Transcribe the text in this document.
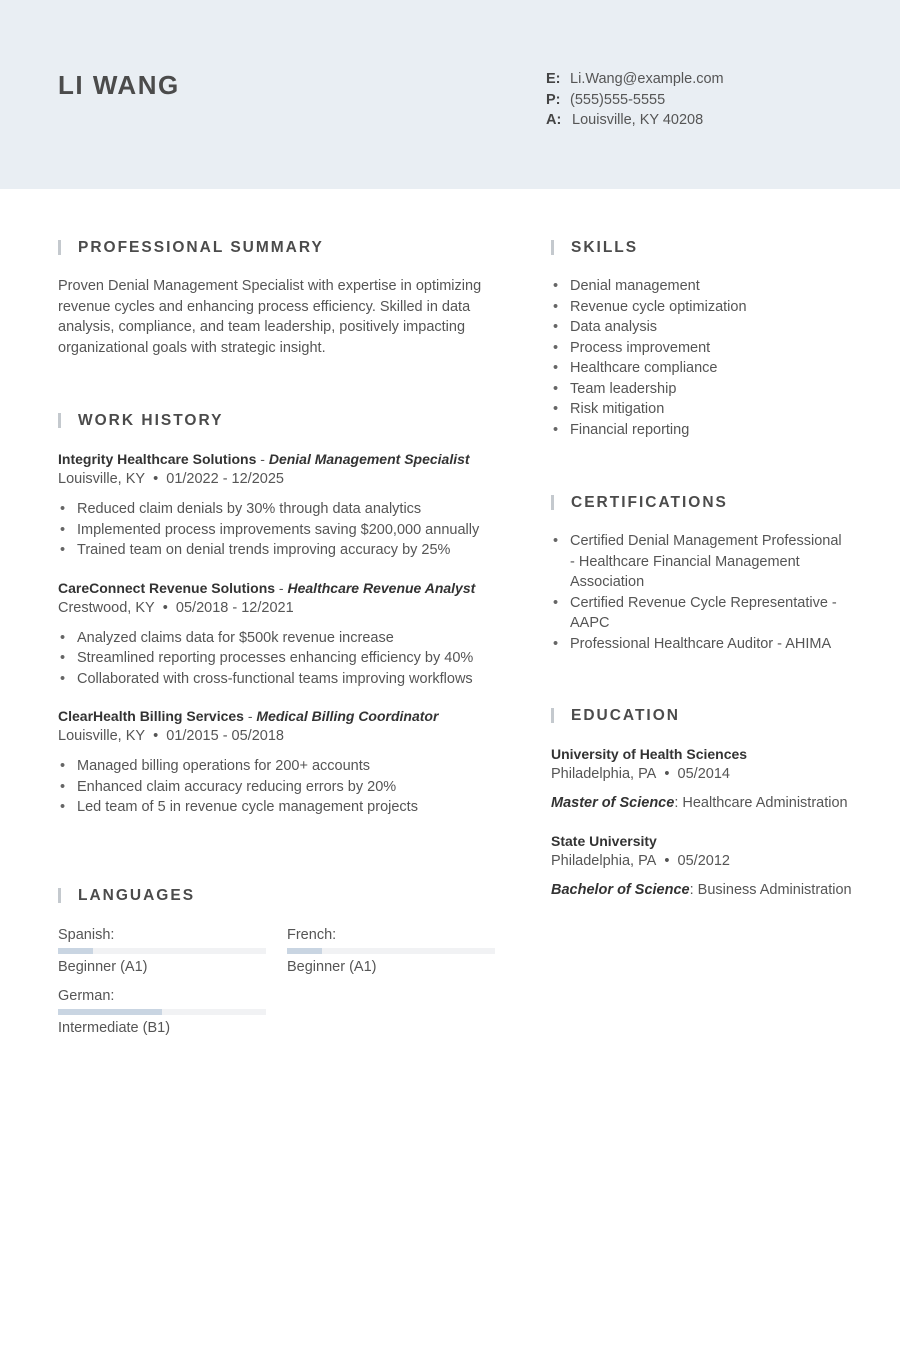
LI WANG	E: Li.Wang@example.com
P: (555)555-5555
A: Louisville, KY 40208
PROFESSIONAL SUMMARY

Proven Denial Management Specialist with expertise in optimizing revenue cycles and enhancing process efficiency. Skilled in data analysis, compliance, and team leadership, positively impacting organizational goals with strategic insight.

WORK HISTORY
Integrity Healthcare Solutions - Denial Management Specialist
Louisville, KY  •  01/2022 - 12/2025
• Reduced claim denials by 30% through data analytics
• Implemented process improvements saving $200,000 annually
• Trained team on denial trends improving accuracy by 25%
CareConnect Revenue Solutions - Healthcare Revenue Analyst
Crestwood, KY  •  05/2018 - 12/2021
• Analyzed claims data for $500k revenue increase
• Streamlined reporting processes enhancing efficiency by 40%
• Collaborated with cross-functional teams improving workflows
ClearHealth Billing Services - Medical Billing Coordinator
Louisville, KY  •  01/2015 - 05/2018
• Managed billing operations for 200+ accounts
• Enhanced claim accuracy reducing errors by 20%
• Led team of 5 in revenue cycle management projects
LANGUAGES
Spanish:
Beginner (A1)
French:
Beginner (A1)
German:
Intermediate (B1)
SKILLS
• Denial management
• Revenue cycle optimization
• Data analysis
• Process improvement
• Healthcare compliance
• Team leadership
• Risk mitigation
• Financial reporting
CERTIFICATIONS
• Certified Denial Management Professional - Healthcare Financial Management Association
• Certified Revenue Cycle Representative - AAPC
• Professional Healthcare Auditor - AHIMA
EDUCATION
University of Health Sciences
Philadelphia, PA  •  05/2014
Master of Science: Healthcare Administration
State University
Philadelphia, PA  •  05/2012
Bachelor of Science: Business Administration
